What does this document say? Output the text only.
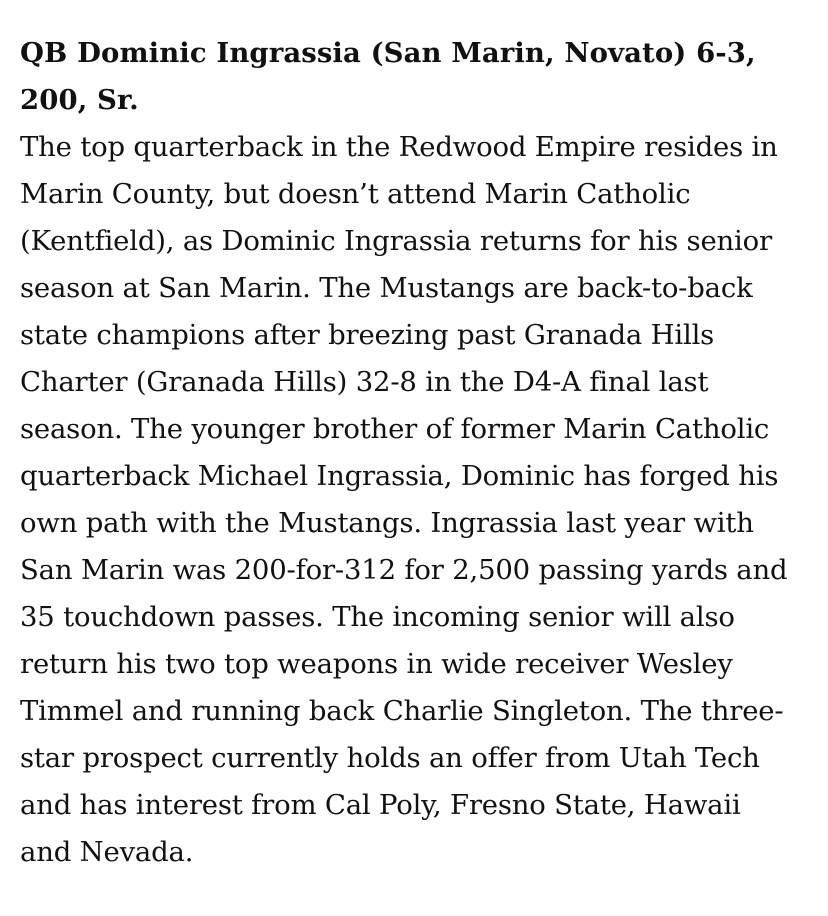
QB Dominic Ingrassia (San Marin, Novato) 6-3,
200, Sr.

The top quarterback in the Redwood Empire resides in
Marin County, but doesn’t attend Marin Catholic
(Kentfield), as Dominic Ingrassia returns for his senior
season at San Marin. The Mustangs are back-to-back
state champions after breezing past Granada Hills
Charter (Granada Hills) 32-8 in the D4-A final last
season. The younger brother of former Marin Catholic
quarterback Michael Ingrassia, Dominic has forged his
own path with the Mustangs. Ingrassia last year with
San Marin was 200-for-312 for 2,500 passing yards and
35 touchdown passes. The incoming senior will also
return his two top weapons in wide receiver Wesley
Timmel and running back Charlie Singleton. The three-
star prospect currently holds an offer from Utah Tech
and has interest from Cal Poly, Fresno State, Hawaii
and Nevada.
